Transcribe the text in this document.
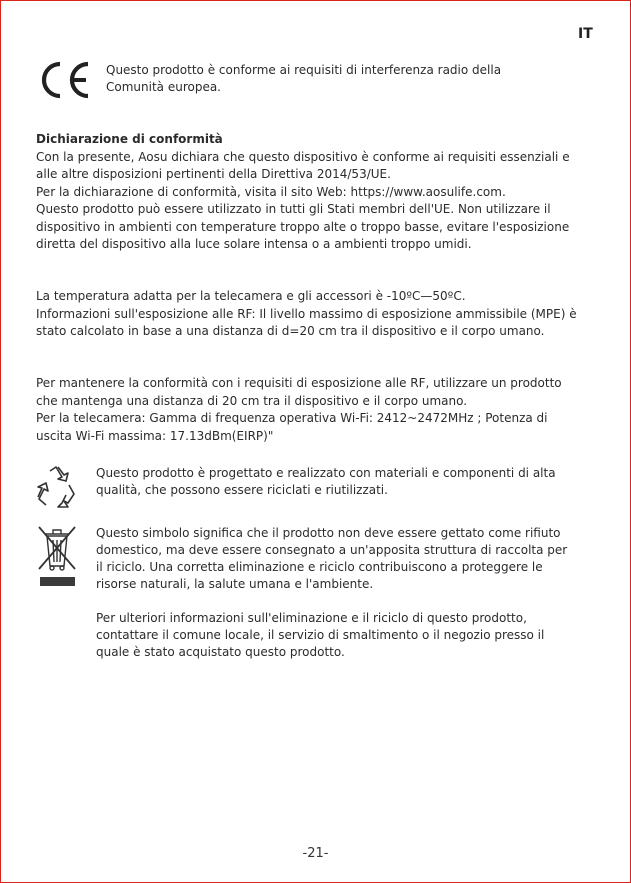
IT
Questo prodotto è conforme ai requisiti di interferenza radio della Comunità europea.

Dichiarazione di conformità

Con la presente, Aosu dichiara che questo dispositivo è conforme ai requisiti essenziali e alle altre disposizioni pertinenti della Direttiva 2014/53/UE.

Per la dichiarazione di conformità, visita il sito Web: https://www.aosulife.com.

Questo prodotto può essere utilizzato in tutti gli Stati membri dell'UE. Non utilizzare il dispositivo in ambienti con temperature troppo alte o troppo basse, evitare l'esposizione diretta del dispositivo alla luce solare intensa o a ambienti troppo umidi.

La temperatura adatta per la telecamera e gli accessori è -10ºC—50ºC.

Informazioni sull'esposizione alle RF: Il livello massimo di esposizione ammissibile (MPE) è stato calcolato in base a una distanza di d=20 cm tra il dispositivo e il corpo umano.

Per mantenere la conformità con i requisiti di esposizione alle RF, utilizzare un prodotto che mantenga una distanza di 20 cm tra il dispositivo e il corpo umano.

Per la telecamera: Gamma di frequenza operativa Wi-Fi: 2412~2472MHz ; Potenza di uscita Wi-Fi massima: 17.13dBm(EIRP)"

Questo prodotto è progettato e realizzato con materiali e componenti di alta qualità, che possono essere riciclati e riutilizzati.

Questo simbolo significa che il prodotto non deve essere gettato come rifiuto domestico, ma deve essere consegnato a un'apposita struttura di raccolta per il riciclo. Una corretta eliminazione e riciclo contribuiscono a proteggere le risorse naturali, la salute umana e l'ambiente.

Per ulteriori informazioni sull'eliminazione e il riciclo di questo prodotto, contattare il comune locale, il servizio di smaltimento o il negozio presso il quale è stato acquistato questo prodotto.

-21-
